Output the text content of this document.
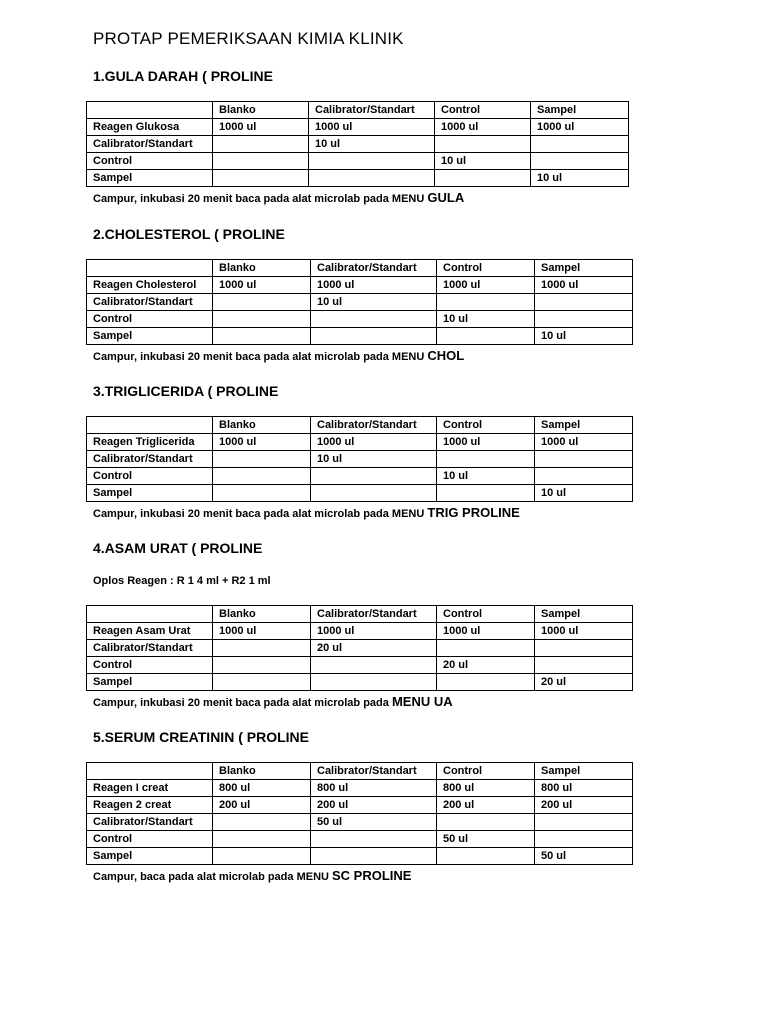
PROTAP PEMERIKSAAN KIMIA KLINIK
1.GULA DARAH ( PROLINE
	Blanko	Calibrator/Standart	Control	Sampel
Reagen Glukosa	1000 ul	1000 ul	1000 ul	1000 ul
Calibrator/Standart		10 ul		
Control			10 ul	
Sampel				10 ul
Campur, inkubasi 20 menit baca pada alat microlab pada MENU GULA
2.CHOLESTEROL ( PROLINE
	Blanko	Calibrator/Standart	Control	Sampel
Reagen Cholesterol	1000 ul	1000 ul	1000 ul	1000 ul
Calibrator/Standart		10 ul		
Control			10 ul	
Sampel				10 ul
Campur, inkubasi 20 menit baca pada alat microlab pada MENU CHOL
3.TRIGLICERIDA ( PROLINE
	Blanko	Calibrator/Standart	Control	Sampel
Reagen Triglicerida	1000 ul	1000 ul	1000 ul	1000 ul
Calibrator/Standart		10 ul		
Control			10 ul	
Sampel				10 ul
Campur, inkubasi 20 menit baca pada alat microlab pada MENU TRIG PROLINE
4.ASAM URAT ( PROLINE
Oplos Reagen : R 1 4 ml + R2 1 ml
	Blanko	Calibrator/Standart	Control	Sampel
Reagen Asam Urat	1000 ul	1000 ul	1000 ul	1000 ul
Calibrator/Standart		20 ul		
Control			20 ul	
Sampel				20 ul
Campur, inkubasi 20 menit baca pada alat microlab pada MENU UA
5.SERUM CREATININ ( PROLINE
	Blanko	Calibrator/Standart	Control	Sampel
Reagen I creat	800 ul	800 ul	800 ul	800 ul
Reagen 2 creat	200 ul	200 ul	200 ul	200 ul
Calibrator/Standart		50 ul		
Control			50 ul	
Sampel				50 ul
Campur, baca pada alat microlab pada MENU SC PROLINE
